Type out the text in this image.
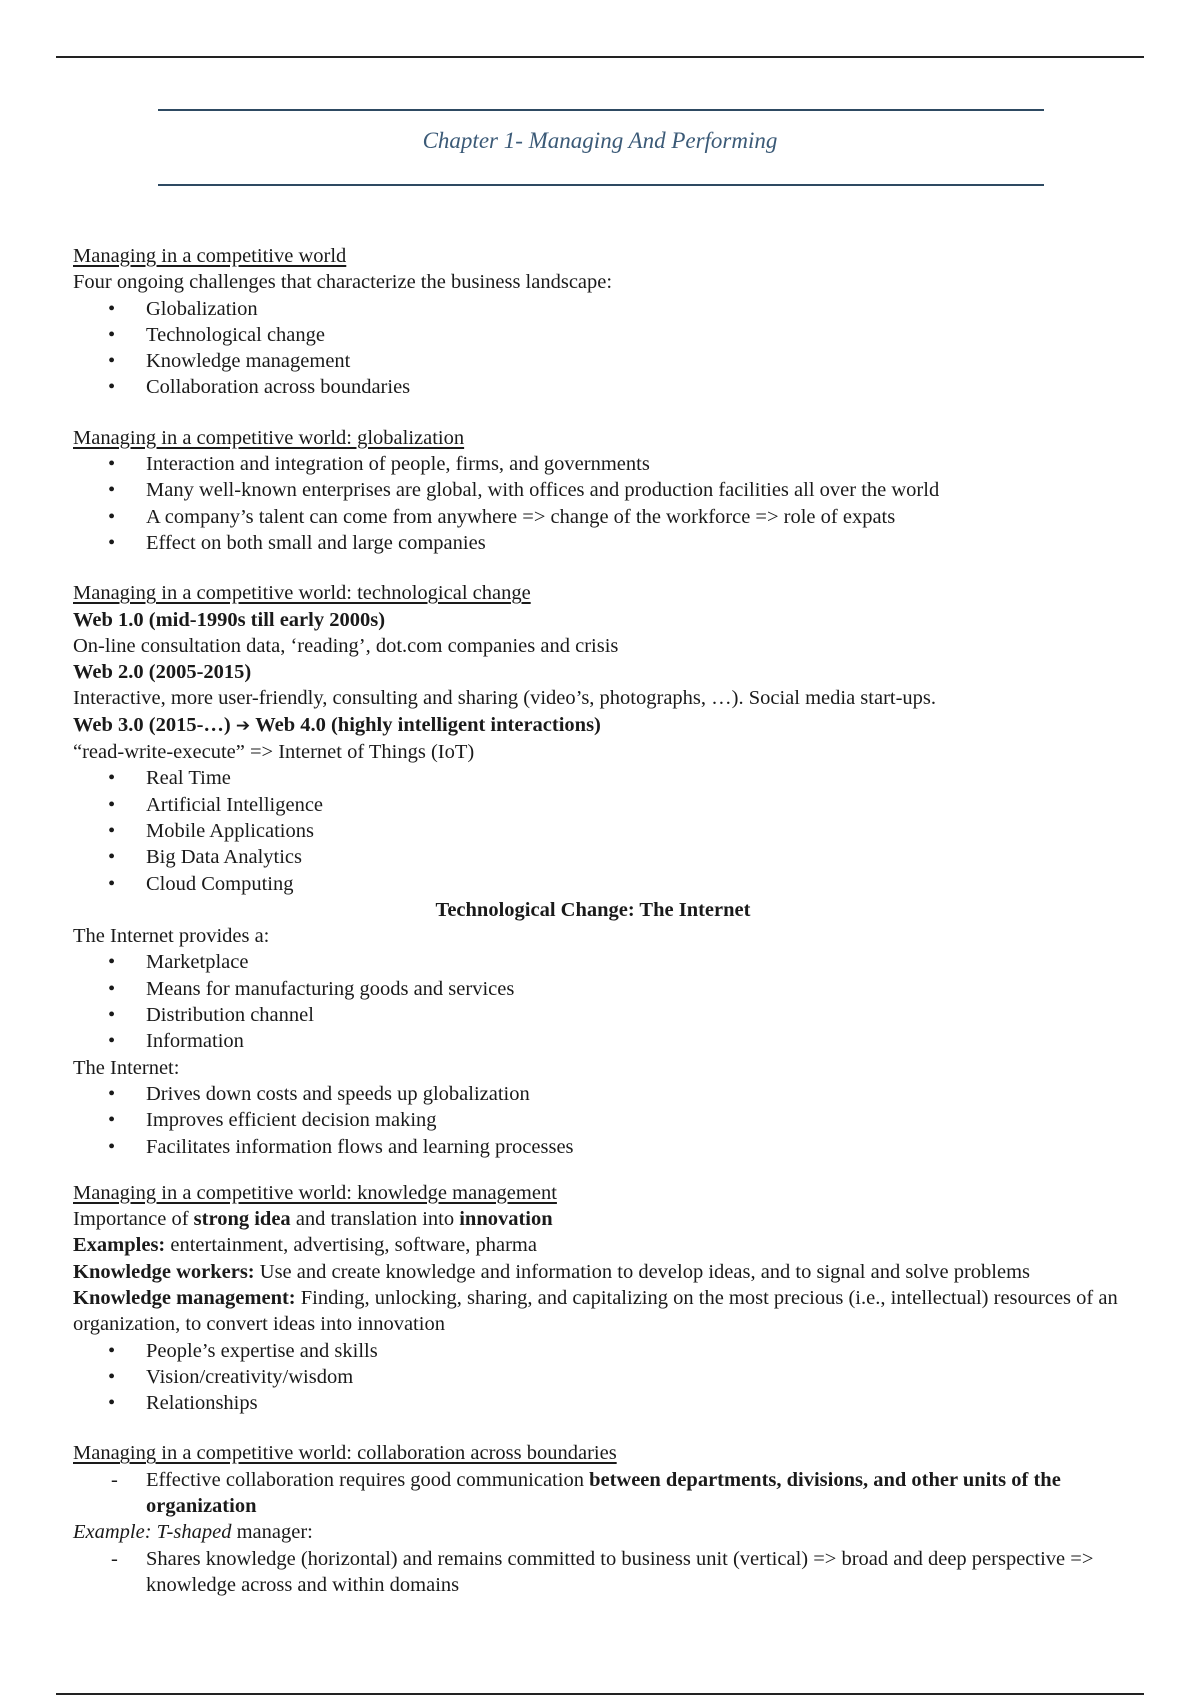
Chapter 1- Managing And Performing
Managing in a competitive world
Four ongoing challenges that characterize the business landscape:
• Globalization
• Technological change
• Knowledge management
• Collaboration across boundaries
Managing in a competitive world: globalization
• Interaction and integration of people, firms, and governments
• Many well-known enterprises are global, with offices and production facilities all over the world
• A company’s talent can come from anywhere => change of the workforce => role of expats
• Effect on both small and large companies
Managing in a competitive world: technological change
Web 1.0 (mid-1990s till early 2000s)
On-line consultation data, ‘reading’, dot.com companies and crisis
Web 2.0 (2005-2015)
Interactive, more user-friendly, consulting and sharing (video’s, photographs, …). Social media start-ups.
Web 3.0 (2015-…) ➔ Web 4.0 (highly intelligent interactions)
“read-write-execute” => Internet of Things (IoT)
• Real Time
• Artificial Intelligence
• Mobile Applications
• Big Data Analytics
• Cloud Computing
Technological Change: The Internet
The Internet provides a:
• Marketplace
• Means for manufacturing goods and services
• Distribution channel
• Information
The Internet:
• Drives down costs and speeds up globalization
• Improves efficient decision making
• Facilitates information flows and learning processes
Managing in a competitive world: knowledge management
Importance of strong idea and translation into innovation
Examples: entertainment, advertising, software, pharma
Knowledge workers: Use and create knowledge and information to develop ideas, and to signal and solve problems
Knowledge management: Finding, unlocking, sharing, and capitalizing on the most precious (i.e., intellectual) resources of an organization, to convert ideas into innovation
• People’s expertise and skills
• Vision/creativity/wisdom
• Relationships
Managing in a competitive world: collaboration across boundaries
- Effective collaboration requires good communication between departments, divisions, and other units of the organization
Example: T-shaped manager:
- Shares knowledge (horizontal) and remains committed to business unit (vertical) => broad and deep perspective => knowledge across and within domains
